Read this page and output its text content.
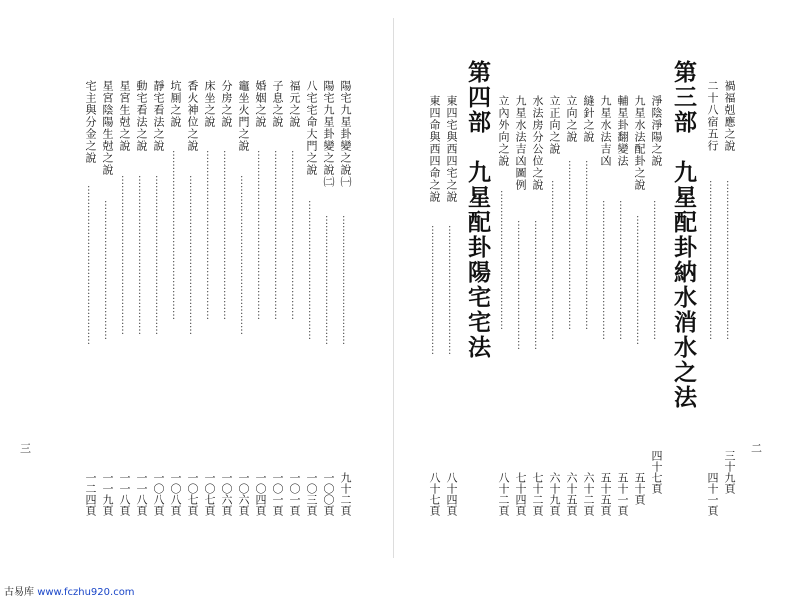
禍福剋應之說
…………………………………………
三十九頁
二十八宿五行
…………………………………………
四十一頁
第三部　九星配卦納水消水之法
淨陰淨陽之說
……………………………………
四十七頁
九星水法配卦之說
…………………………………
五十頁
輔星卦翻變法
……………………………………
五十一頁
九星水法吉凶
……………………………………
五十五頁
縫針之說
……………………………………………
六十二頁
立向之說
……………………………………………
六十五頁
立正向之說
…………………………………………
六十九頁
水法房分公位之說
…………………………………
七十二頁
九星水法吉凶圖例
…………………………………
七十四頁
立內外向之說
……………………………………
八十二頁
第四部　九星配卦陽宅宅法
東四宅與西四宅之說
…………………………………
八十四頁
東四命與西四命之說
…………………………………
八十七頁
二
陽宅九星卦變之說㈠
…………………………………
九十二頁
陽宅九星卦變之說㈡
…………………………………
一〇〇頁
八宅宅命大門之說
……………………………………
一〇三頁
福元之說
……………………………………………
一〇一頁
子息之說
……………………………………………
一〇一頁
婚姻之說
……………………………………………
一〇四頁
竈坐火門之說
…………………………………………
一〇六頁
分房之說
……………………………………………
一〇六頁
床坐之說
……………………………………………
一〇七頁
香火神位之說
…………………………………………
一〇七頁
坑厠之說
……………………………………………
一〇八頁
靜宅看法之說
…………………………………………
一〇八頁
動宅看法之說
…………………………………………
一一八頁
星宮生尅之說
…………………………………………
一一八頁
星宮陰陽生尅之說
……………………………………
一一九頁
宅主與分金之說
…………………………………………
一二四頁
三
古易库 www.fczhu920.com
